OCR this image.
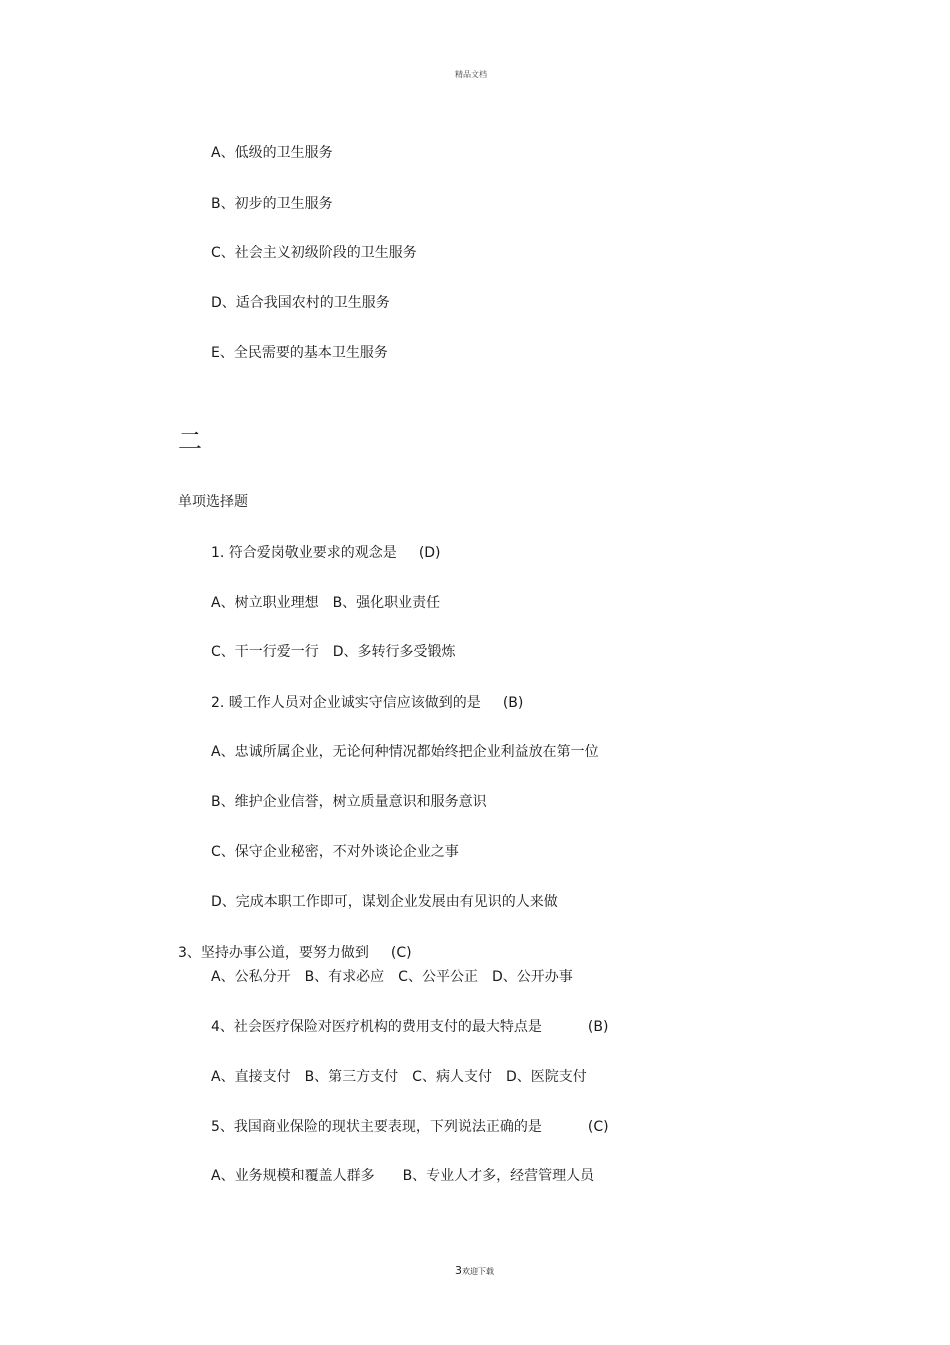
精品文档
A、低级的卫生服务
B、初步的卫生服务
C、社会主义初级阶段的卫生服务
D、适合我国农村的卫生服务
E、全民需要的基本卫生服务
二
单项选择题
1. 符合爱岗敬业要求的观念是 (D)
A、树立职业理想　B、强化职业责任
C、干一行爱一行　D、多转行多受锻炼
2. 暖工作人员对企业诚实守信应该做到的是 (B)
A、忠诚所属企业，无论何种情况都始终把企业利益放在第一位
B、维护企业信誉，树立质量意识和服务意识
C、保守企业秘密，不对外谈论企业之事
D、完成本职工作即可，谋划企业发展由有见识的人来做
3、坚持办事公道，要努力做到 (C)
A、公私分开　B、有求必应　C、公平公正　D、公开办事
4、社会医疗保险对医疗机构的费用支付的最大特点是	(B)
A、直接支付　B、第三方支付　C、病人支付　D、医院支付
5、我国商业保险的现状主要表现，下列说法正确的是	(C)
A、业务规模和覆盖人群多　　B、专业人才多，经营管理人员
3欢迎下载
